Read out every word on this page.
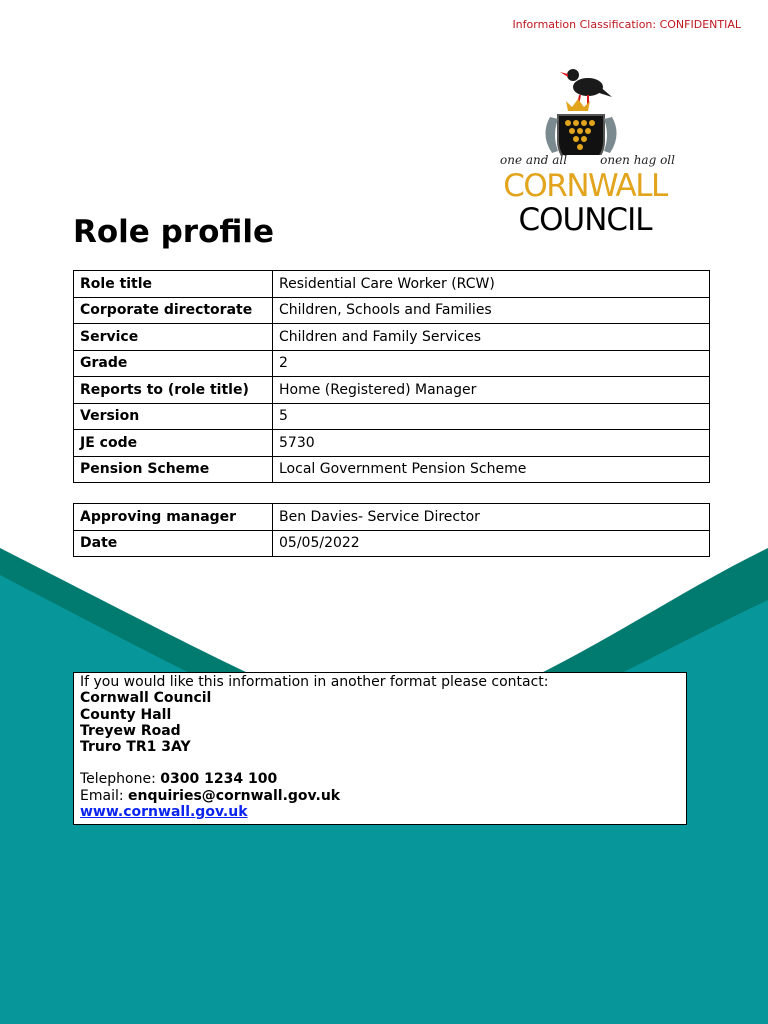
Information Classification: CONFIDENTIAL
one and all	onen hag oll
CORNWALL
COUNCIL
Role profile
Role title	Residential Care Worker (RCW)
Corporate directorate	Children, Schools and Families
Service	Children and Family Services
Grade	2
Reports to (role title)	Home (Registered) Manager
Version	5
JE code	5730
Pension Scheme	Local Government Pension Scheme
Approving manager	Ben Davies- Service Director
Date	05/05/2022
If you would like this information in another format please contact:
Cornwall Council
County Hall
Treyew Road
Truro TR1 3AY
Telephone: 0300 1234 100
Email: enquiries@cornwall.gov.uk
www.cornwall.gov.uk
